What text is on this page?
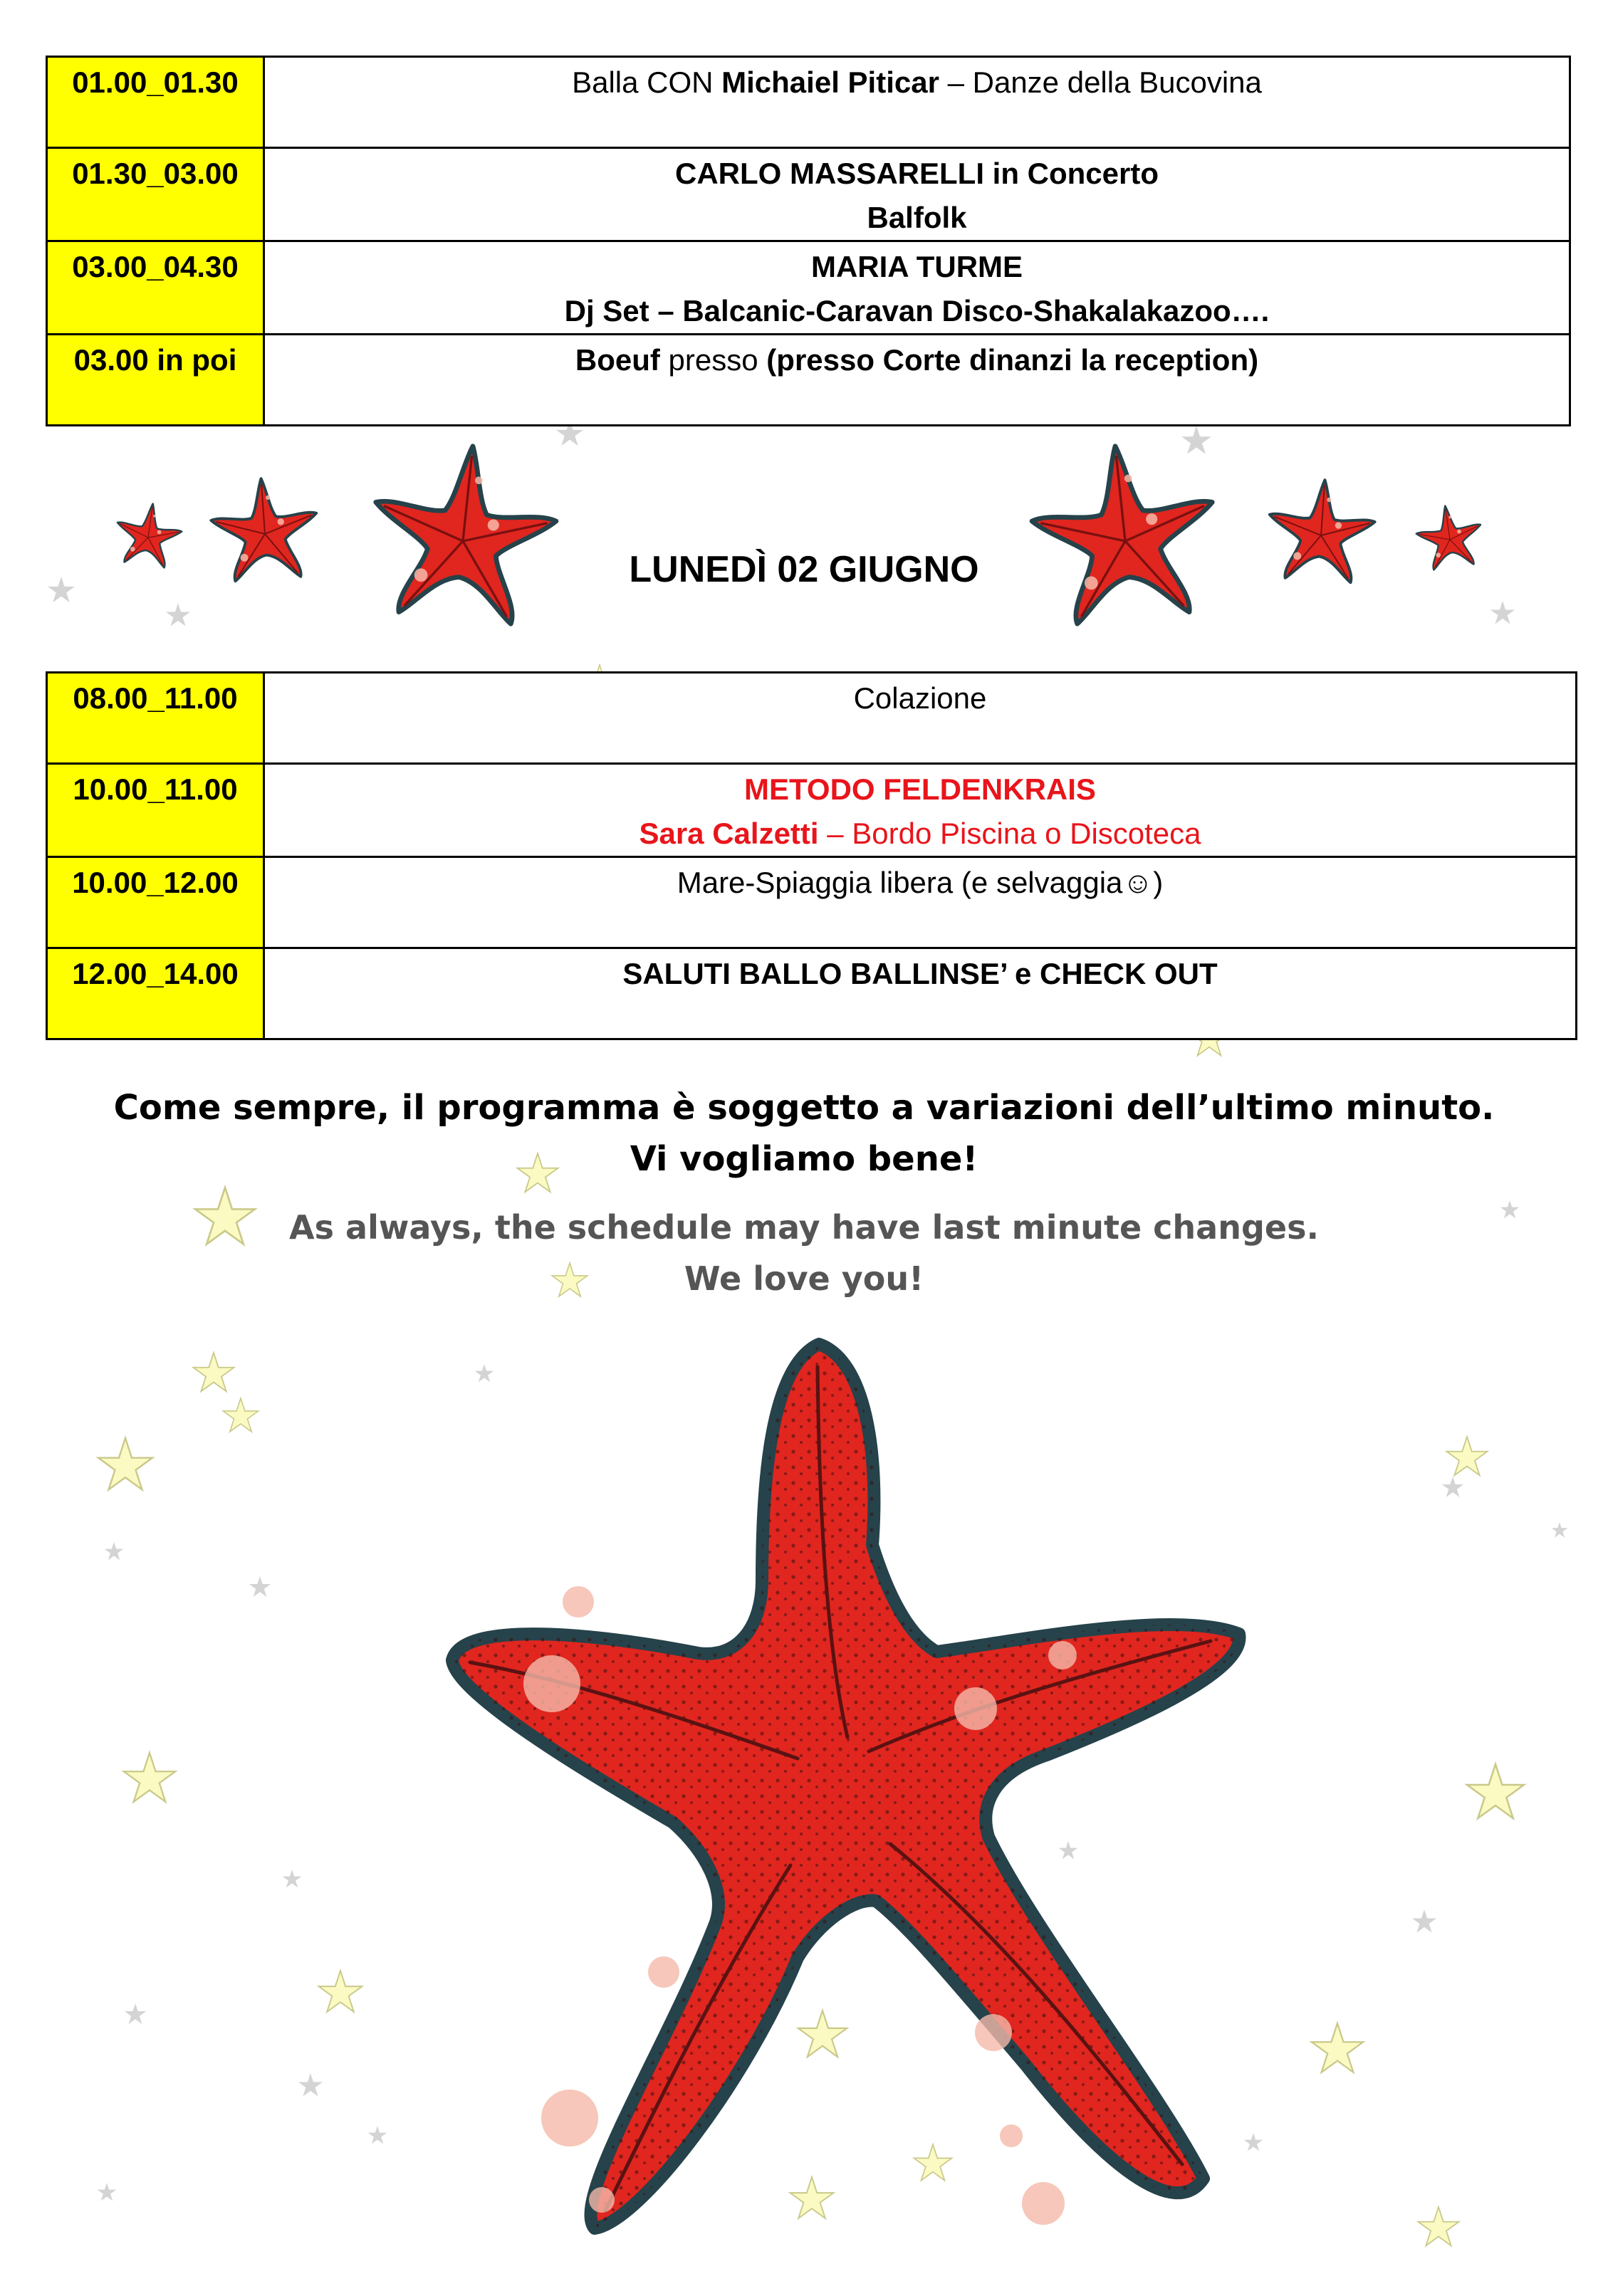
01.00_01.30	Balla CON Michaiel Piticar – Danze della Bucovina

01.30_03.00	CARLO MASSARELLI in Concerto
Balfolk

03.00_04.30	MARIA TURME
Dj Set – Balcanic-Caravan Disco-Shakalakazoo….

03.00 in poi	Boeuf presso (presso Corte dinanzi la reception)
LUNEDÌ 02 GIUGNO
08.00_11.00	Colazione

10.00_11.00	METODO FELDENKRAIS
Sara Calzetti – Bordo Piscina o Discoteca

10.00_12.00	Mare-Spiaggia libera (e selvaggia☺)

12.00_14.00	SALUTI BALLO BALLINSE’ e CHECK OUT
Come sempre, il programma è soggetto a variazioni dell’ultimo minuto.
Vi vogliamo bene!
As always, the schedule may have last minute changes.
We love you!
